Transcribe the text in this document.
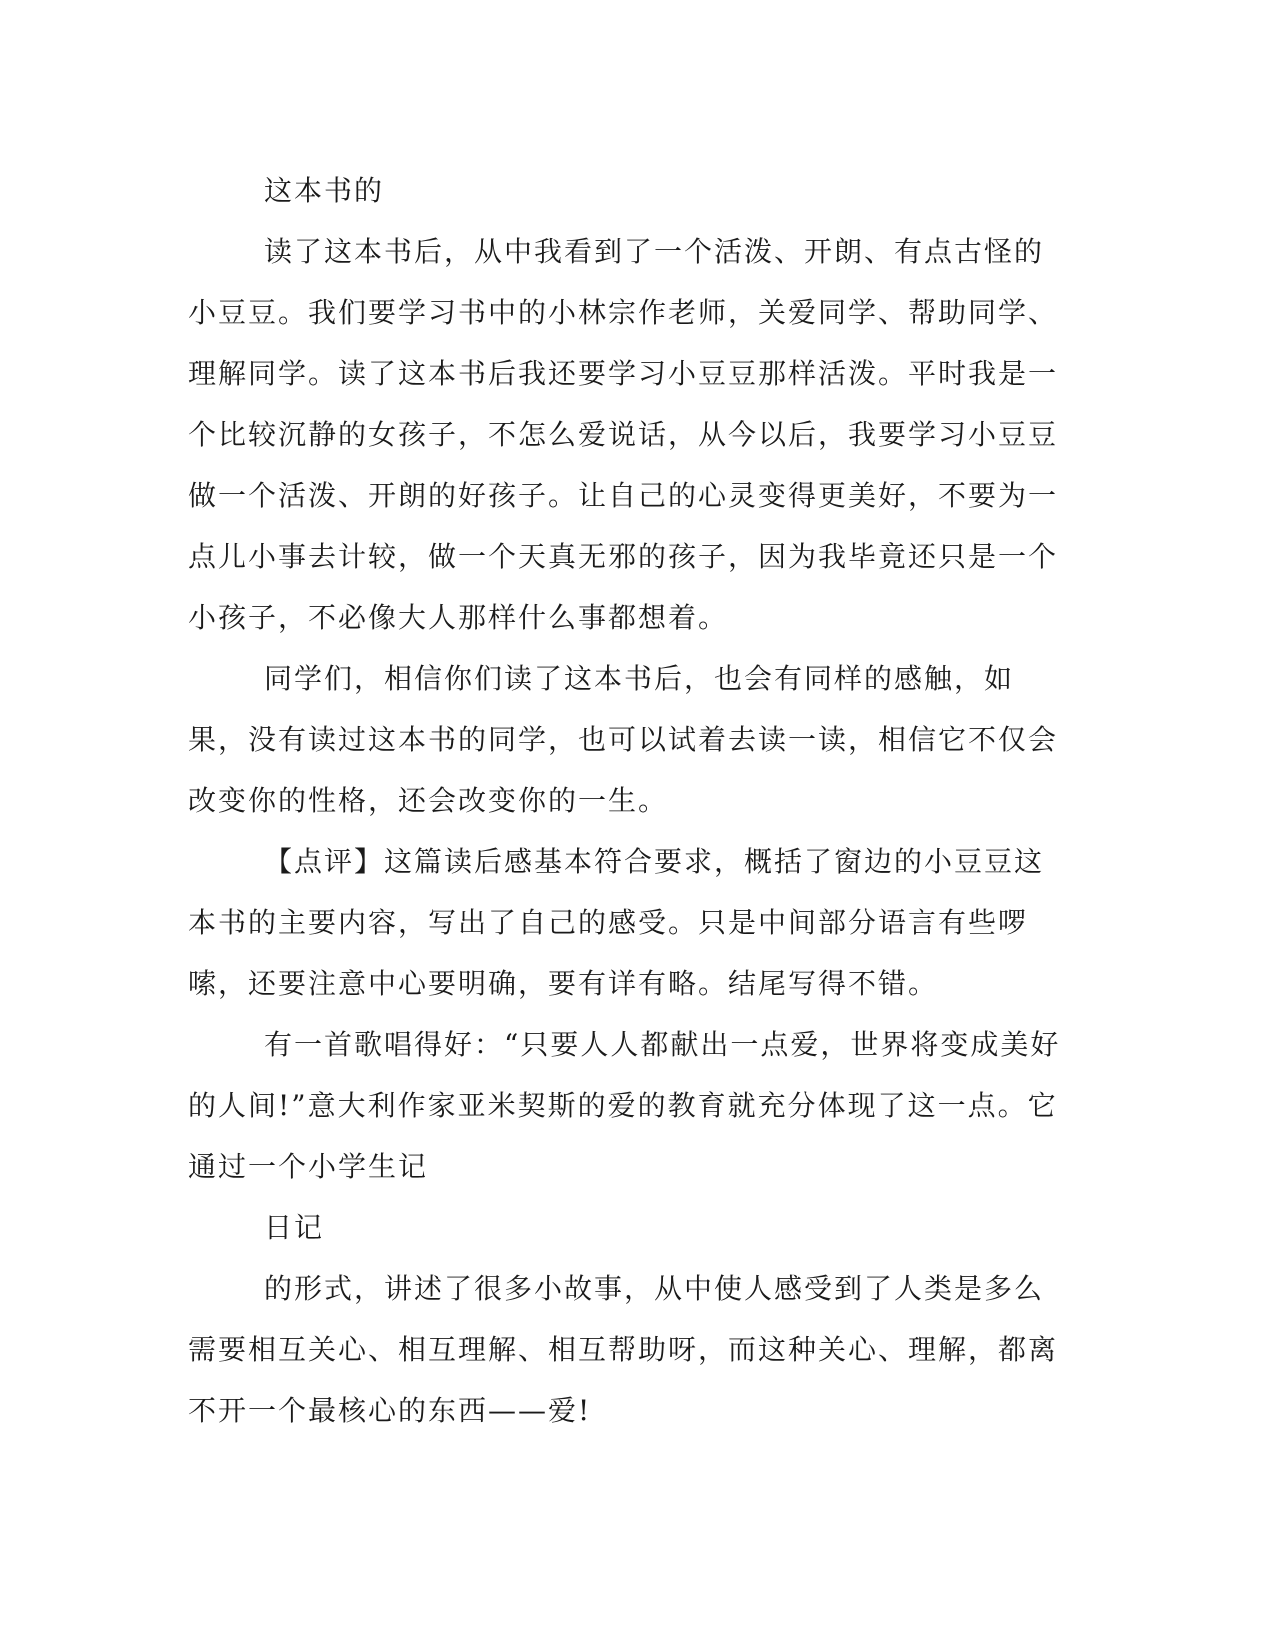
这本书的

读了这本书后，从中我看到了一个活泼、开朗、有点古怪的小豆豆。我们要学习书中的小林宗作老师，关爱同学、帮助同学、理解同学。读了这本书后我还要学习小豆豆那样活泼。平时我是一个比较沉静的女孩子，不怎么爱说话，从今以后，我要学习小豆豆做一个活泼、开朗的好孩子。让自己的心灵变得更美好，不要为一点儿小事去计较，做一个天真无邪的孩子，因为我毕竟还只是一个小孩子，不必像大人那样什么事都想着。

同学们，相信你们读了这本书后，也会有同样的感触，如果，没有读过这本书的同学，也可以试着去读一读，相信它不仅会改变你的性格，还会改变你的一生。

【点评】这篇读后感基本符合要求，概括了窗边的小豆豆这本书的主要内容，写出了自己的感受。只是中间部分语言有些啰嗦，还要注意中心要明确，要有详有略。结尾写得不错。

有一首歌唱得好：“只要人人都献出一点爱，世界将变成美好的人间!”意大利作家亚米契斯的爱的教育就充分体现了这一点。它通过一个小学生记

日记

的形式，讲述了很多小故事，从中使人感受到了人类是多么需要相互关心、相互理解、相互帮助呀，而这种关心、理解，都离不开一个最核心的东西——爱!
